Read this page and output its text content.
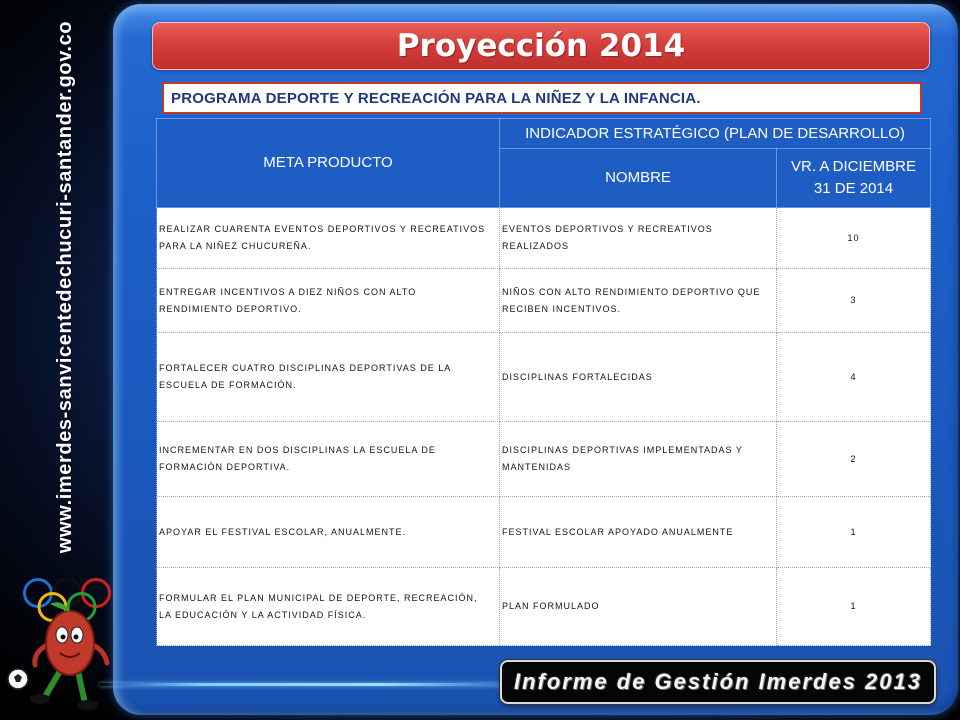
www.imerdes-sanvicentedechucuri-santander.gov.co	Proyección 2014
PROGRAMA DEPORTE Y RECREACIÓN PARA LA NIÑEZ Y LA INFANCIA.
META PRODUCTO	INDICADOR ESTRATÉGICO (PLAN DE DESARROLLO)	
	NOMBRE	VR. A DICIEMBRE 31 DE 2014
REALIZAR CUARENTA EVENTOS DEPORTIVOS Y RECREATIVOS PARA LA NIÑEZ CHUCUREÑA.	EVENTOS DEPORTIVOS Y RECREATIVOS REALIZADOS	10
ENTREGAR INCENTIVOS A DIEZ NIÑOS CON ALTO RENDIMIENTO DEPORTIVO.	NIÑOS CON ALTO RENDIMIENTO DEPORTIVO QUE RECIBEN INCENTIVOS.	3
FORTALECER CUATRO DISCIPLINAS DEPORTIVAS DE LA ESCUELA DE FORMACIÓN.	DISCIPLINAS FORTALECIDAS	4
INCREMENTAR EN DOS DISCIPLINAS LA ESCUELA DE FORMACIÓN DEPORTIVA.	DISCIPLINAS DEPORTIVAS IMPLEMENTADAS Y MANTENIDAS	2
APOYAR EL FESTIVAL ESCOLAR, ANUALMENTE.	FESTIVAL ESCOLAR APOYADO ANUALMENTE	1
FORMULAR EL PLAN MUNICIPAL DE DEPORTE, RECREACIÓN, LA EDUCACIÓN Y LA ACTIVIDAD FÍSICA.	PLAN FORMULADO	1
Informe de Gestión Imerdes 2013
